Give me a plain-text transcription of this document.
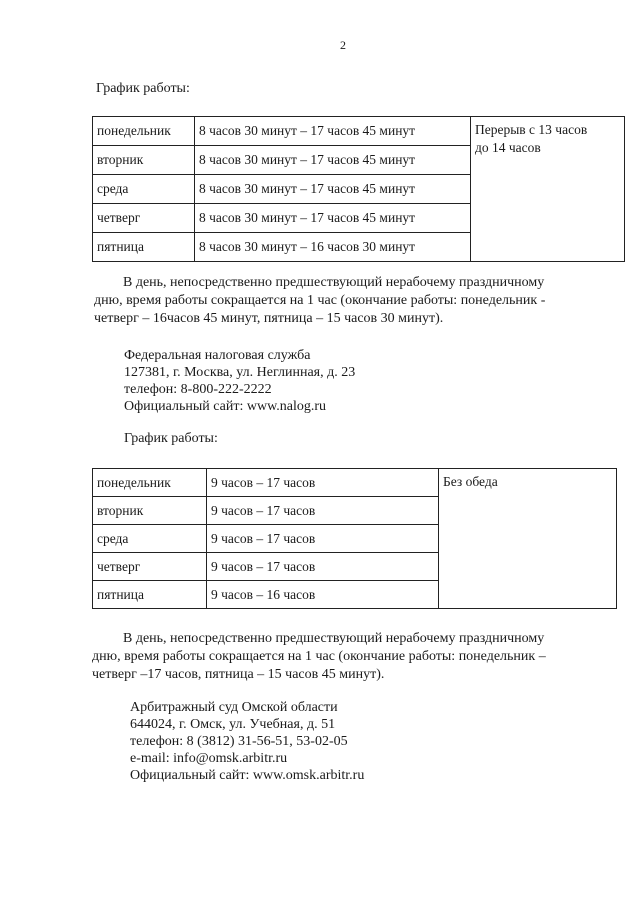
2
График работы:
понедельник	8 часов 30 минут – 17 часов 45 минут	Перерыв с 13 часов
до 14 часов
вторник	8 часов 30 минут – 17 часов 45 минут	
среда	8 часов 30 минут – 17 часов 45 минут	
четверг	8 часов 30 минут – 17 часов 45 минут	
пятница	8 часов 30 минут – 16 часов 30 минут	
В день, непосредственно предшествующий нерабочему праздничному
дню, время работы сокращается на 1 час (окончание работы: понедельник -
четверг – 16часов 45 минут, пятница – 15 часов 30 минут).
Федеральная налоговая служба
127381, г. Москва, ул. Неглинная, д. 23
телефон: 8-800-222-2222
Официальный сайт: www.nalog.ru
График работы:
понедельник	9 часов – 17 часов	Без обеда
вторник	9 часов – 17 часов	
среда	9 часов – 17 часов	
четверг	9 часов – 17 часов	
пятница	9 часов – 16 часов	
В день, непосредственно предшествующий нерабочему праздничному
дню, время работы сокращается на 1 час (окончание работы: понедельник –
четверг –17 часов, пятница – 15 часов 45 минут).
Арбитражный суд Омской области
644024, г. Омск, ул. Учебная, д. 51
телефон: 8 (3812) 31-56-51, 53-02-05
e-mail: info@omsk.arbitr.ru
Официальный сайт: www.omsk.arbitr.ru
